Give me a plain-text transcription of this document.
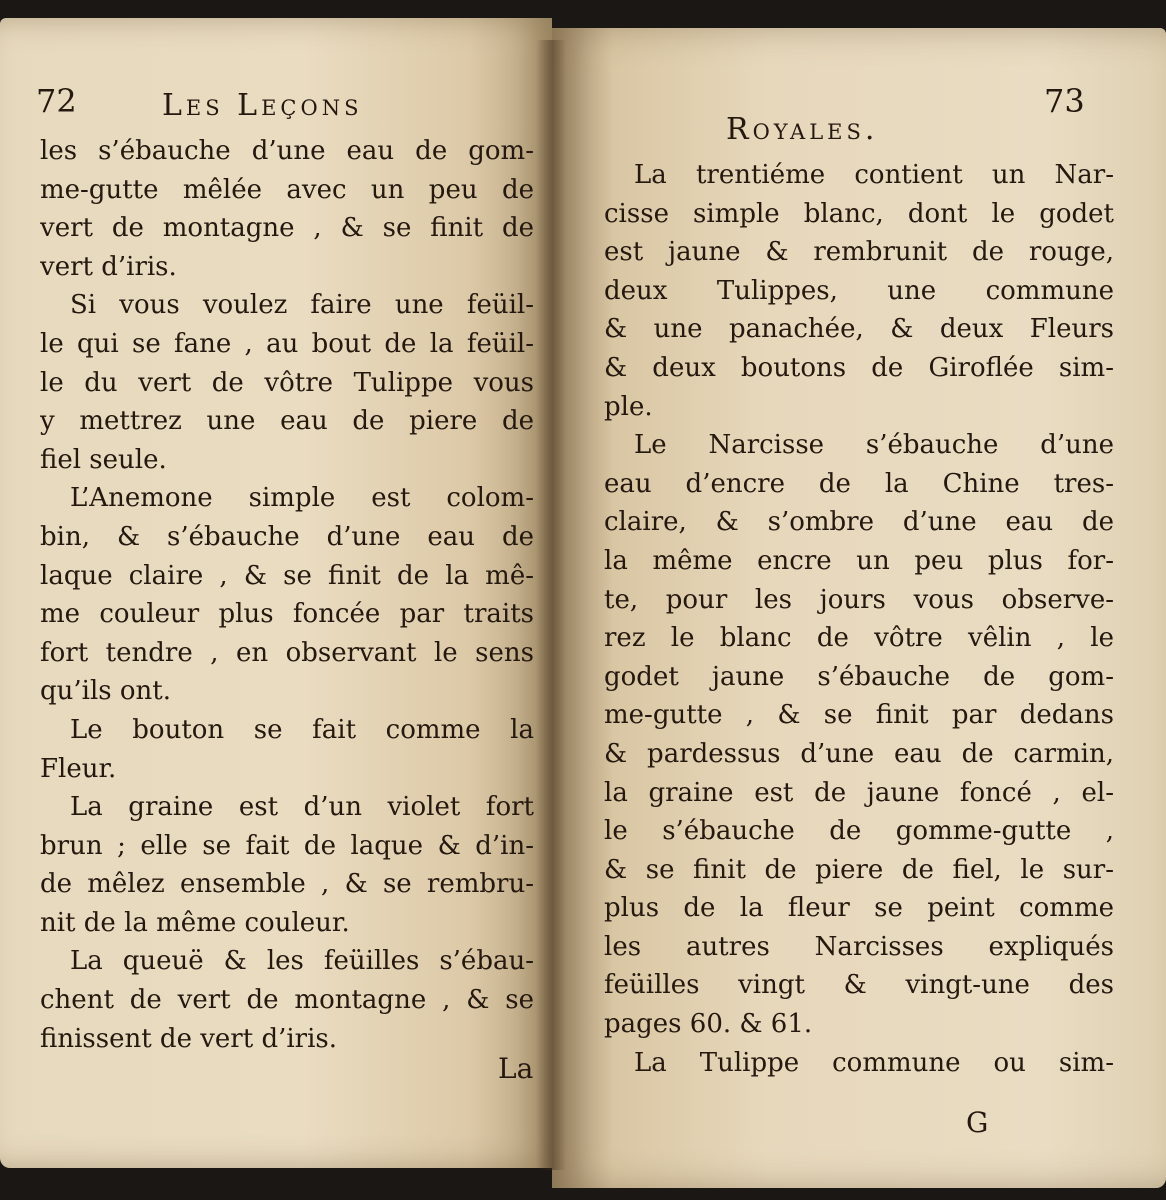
72	Les Leçons
les s’ébauche d’une eau de gom-
me-gutte mêlée avec un peu de
vert de montagne , & se finit de
vert d’iris.
Si vous voulez faire une feüil-
le qui se fane , au bout de la feüil-
le du vert de vôtre Tulippe vous
y mettrez une eau de piere de
fiel seule.
L’Anemone simple est colom-
bin, & s’ébauche d’une eau de
laque claire , & se finit de la mê-
me couleur plus foncée par traits
fort tendre , en observant le sens
qu’ils ont.
Le bouton se fait comme la
Fleur.
La graine est d’un violet fort
brun ; elle se fait de laque & d’in-
de mêlez ensemble , & se rembru-
nit de la même couleur.
La queuë & les feüilles s’ébau-
chent de vert de montagne , & se
finissent de vert d’iris.
La
Royales.
73
La trentiéme contient un Nar-
cisse simple blanc, dont le godet
est jaune & rembrunit de rouge,
deux Tulippes, une commune
& une panachée, & deux Fleurs
& deux boutons de Giroflée sim-
ple.
Le Narcisse s’ébauche d’une
eau d’encre de la Chine tres-
claire, & s’ombre d’une eau de
la même encre un peu plus for-
te, pour les jours vous observe-
rez le blanc de vôtre vêlin , le
godet jaune s’ébauche de gom-
me-gutte , & se finit par dedans
& pardessus d’une eau de carmin,
la graine est de jaune foncé , el-
le s’ébauche de gomme-gutte ,
& se finit de piere de fiel, le sur-
plus de la fleur se peint comme
les autres Narcisses expliqués
feüilles vingt & vingt-une des
pages 60. & 61.
La Tulippe commune ou sim-
G
